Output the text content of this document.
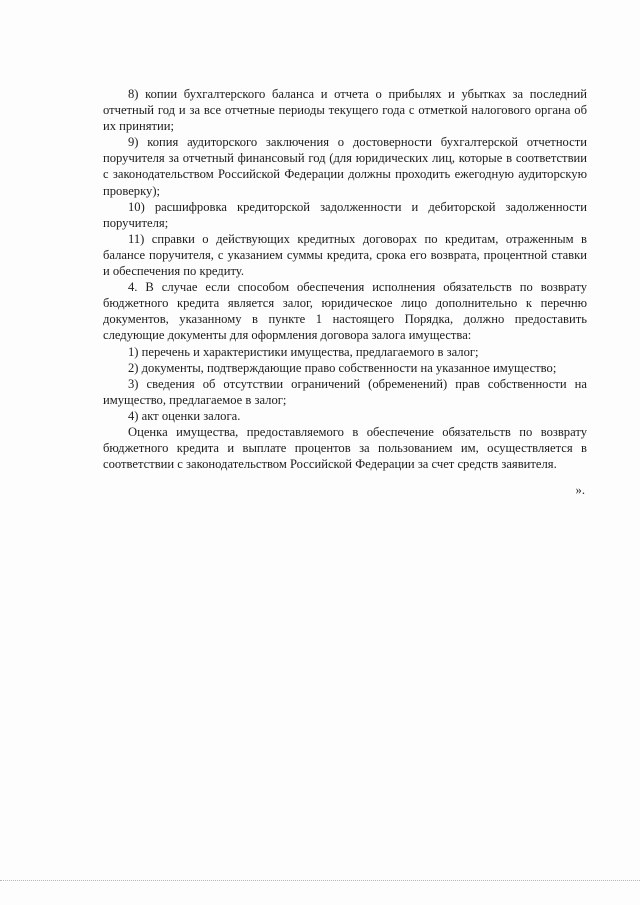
8) копии бухгалтерского баланса и отчета о прибылях и убытках за последний отчетный год и за все отчетные периоды текущего года с отметкой налогового органа об их принятии;

9) копия аудиторского заключения о достоверности бухгалтерской отчетности поручителя за отчетный финансовый год (для юридических лиц, которые в соответствии с законодательством Российской Федерации должны проходить ежегодную аудиторскую проверку);

10) расшифровка кредиторской задолженности и дебиторской задолженности поручителя;

11) справки о действующих кредитных договорах по кредитам, отраженным в балансе поручителя, с указанием суммы кредита, срока его возврата, процентной ставки и обеспечения по кредиту.

4. В случае если способом обеспечения исполнения обязательств по возврату бюджетного кредита является залог, юридическое лицо дополнительно к перечню документов, указанному в пункте 1 настоящего Порядка, должно предоставить следующие документы для оформления договора залога имущества:

1) перечень и характеристики имущества, предлагаемого в залог;

2) документы, подтверждающие право собственности на указанное имущество;

3) сведения об отсутствии ограничений (обременений) прав собственности на имущество, предлагаемое в залог;

4) акт оценки залога.

Оценка имущества, предоставляемого в обеспечение обязательств по возврату бюджетного кредита и выплате процентов за пользованием им, осуществляется в соответствии с законодательством Российской Федерации за счет средств заявителя.

».
